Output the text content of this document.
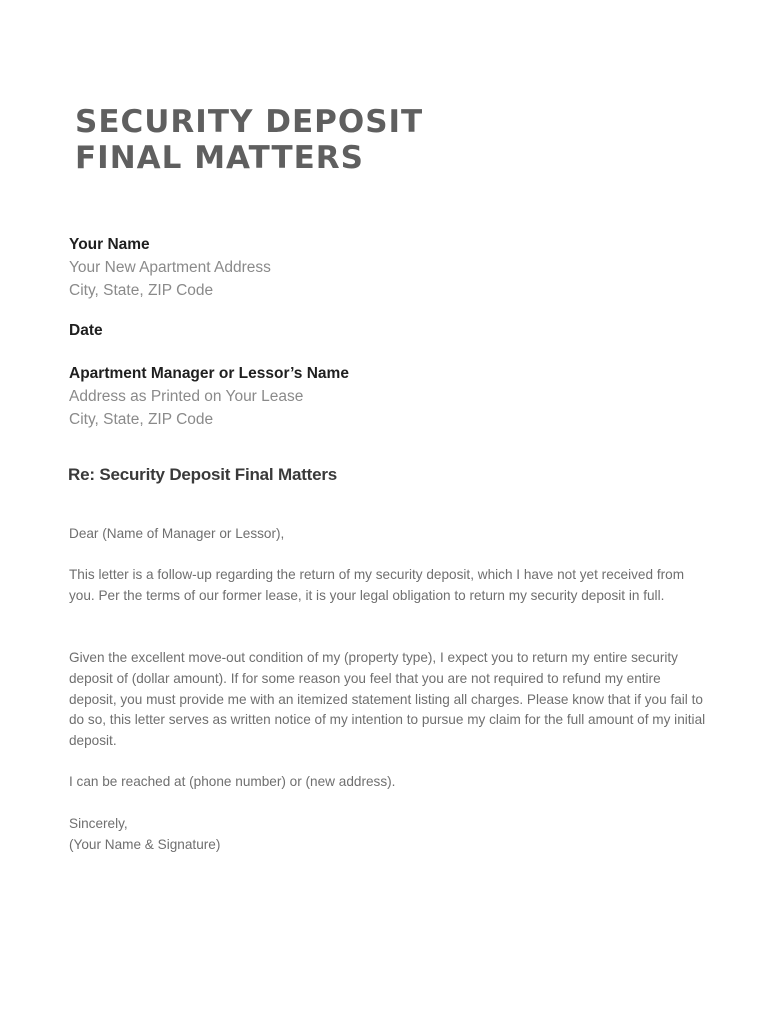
SECURITY DEPOSIT
FINAL MATTERS
Your Name
Your New Apartment Address
City, State, ZIP Code
Date
Apartment Manager or Lessor’s Name
Address as Printed on Your Lease
City, State, ZIP Code

Re: Security Deposit Final Matters

Dear (Name of Manager or Lessor),

This letter is a follow-up regarding the return of my security deposit, which I have not yet received from you. Per the terms of our former lease, it is your legal obligation to return my security deposit in full.

Given the excellent move-out condition of my (property type), I expect you to return my entire security deposit of (dollar amount). If for some reason you feel that you are not required to refund my entire deposit, you must provide me with an itemized statement listing all charges. Please know that if you fail to do so, this letter serves as written notice of my intention to pursue my claim for the full amount of my initial deposit.

I can be reached at (phone number) or (new address).

Sincerely,
(Your Name & Signature)
